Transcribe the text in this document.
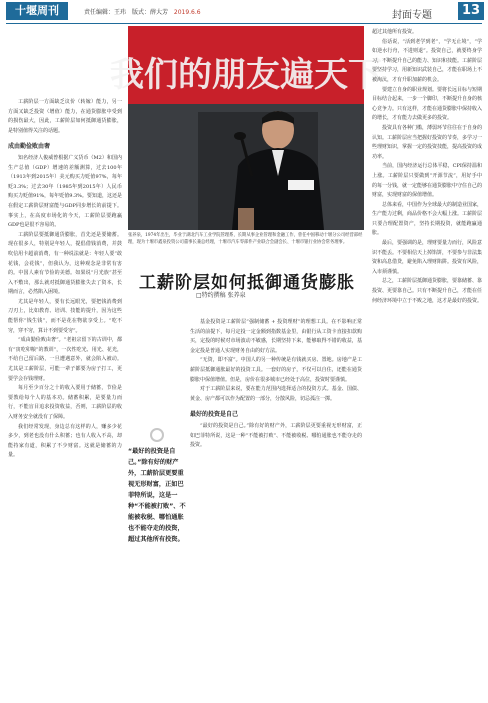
十堰周刊	责任编辑：王玮 版式：薛大芳 2019.6.6	封面专题	13
我们的朋友遍天下
张养泉，1974年出生，毕业于湖北汽车工业学院管理系，长期从事企业管理和金融工作，曾任中国移动十堰分公司经营部经理，现为十堰市鑫泉投资公司董事长兼总经理，十堰市汽车零部件产业联合会副会长、十堰市银行业协会常务理事。

工薪阶层一方面缺乏议价（转嫁）能力，另一方面又缺乏投资（增值）能力，在通货膨胀中受到的损伤最大，因此，工薪阶层如何抵御通货膨胀，是特别值得关注的话题。

成由勤俭败由奢

知名经济人俊威曾根据广义货币（M2）和国内生产总值（GDP）增速的差额测算，过去100年（1913年到2015年）美元购买力贬值97%，每年贬3.3%；过去30年（1985年到2015年）人民币购买力贬值91%，每年贬值9.3%。要知道，这还是在假定工薪阶层财富能与GDP同步增长的前提下。事实上，在高度市场化的今天，工薪阶层要跑赢GDP也是很不容易的。

工薪阶层要抵御通货膨胀，首先还是要储蓄。现在很多人，特别是年轻人，提倡借钱消费，并鼓吹信用卡超前消费，有一种说法就是：年轻人要“敢花钱，会花钱”，但我认为，这种观念是非常有害的。中国人素有节俭的美德。如果说“月光族”甚至入不敷出，那么就对抵御通货膨胀失去了资本，长期而言，必然陷入困境。

尤其是年轻人，要有长远眼光，要把钱消费到刀刃上，比如教育、培训、技能的提升，因为这些能帮你“钱生钱”，而不是花在物欲享受上。“吃不穷，穿不穷，算计不到要受穷”。

“成由勤俭败由奢”。“老祖宗留下的古训中，都有“寅吃卯粮”的教训”，一次性吃光、用光、花光，不给自己留后路，一旦遭遇意外，就会陷入被动。尤其是工薪阶层，可能一辈子都要为房子打工，更要学会存钱理财。

每月至少百分之十的收入要用于储蓄，节俭是要教给每个人的基本功。储蓄积累，是要量力而行，不能盲目追求投资收益，否则，工薪阶层的收入财务安全就没有了保障。

我们经常发现，身边总有这样的人，赚多少花多少，到老也没有什么积蓄；也有人收入不高，却能持家有道，积累了不少财富。这就是储蓄的力量。

工薪阶层如何抵御通货膨胀
□特约撰稿 张养泉
“最好的投资是自己。”除有好的财产外，工薪阶层更要重视无形财富，正如巴菲特所说，这是一种“不能被打败”、不能被收税、哪怕通胀也不能夺走的投资，超过其他所有投资。

基金投资是工薪阶层“强制储蓄 + 投资理财”的理想工具。在不影响正常生活的前提下，每月定投一定金额到指数基金里，由银行从工资卡直接扣款购买，定投的时候对市场波动不敏感，长期坚持下来，能够取得不错的收益，基金定投是普通人实现财务自由的好方法。

“无资，即不富”。中国人的另一种传统是有钱就买房、置地。房地产是工薪阶层抵御通胀最好的投资工具。一套好的房子，不仅可以自住，还能在通货膨胀中保值增值。但是，房价在很多城市已经处于高位，投资时要谨慎。

对于工薪阶层来说，要在能力范围内选择适合的投资方式。基金、国债、黄金、房产都可以作为配置的一部分，分散风险，切忌孤注一掷。

最好的投资是自己

“最好的投资是自己。”除有好的财产外，工薪阶层更要重视无形财富，正如巴菲特所说，这是一种“不能被打败”、不能被收税、哪怕通胀也不能夺走的投资。

超过其他所有投资。

俗话说，“活到老学到老”，“学无止境”，“学如逆水行舟，不进则退”。投资自己，就要终身学习，不断提升自己的能力、知识和技能。工薪阶层要坚持学习，用新知识武装自己，才能在职场上不被淘汰，才有升职加薪的机会。

要建立自身的职业规划。要将长远目标与短期目标结合起来，一步一个脚印，不断提升自身的核心竞争力。只有这样，才能在通货膨胀中保持收入的增长，才有能力去做更多的投资。

投资具有各种门槛，薄弱环节往往在于自身的认知。工薪阶层应当把握好投资的节奏，多学习一些理财知识，掌握一定的投资技能，提高投资的成功率。

当前，国内经济运行总体平稳，CPI保持温和上涨。工薪阶层只要做到“开源节流”，用好手中的每一分钱，就一定能够在通货膨胀中守住自己的财富，实现财富的保值增值。

总体来看，中国作为全球最大的制造业国家，生产能力过剩，商品价格不会大幅上涨。工薪阶层只要合理配置资产，坚持长期投资，就能跑赢通胀。

最后，要强调的是，理财要量力而行，风险意识不能丢。不要相信天上掉馅饼，不要参与非法集资和高息借贷，避免陷入理财陷阱。投资有风险，入市须谨慎。

总之，工薪阶层抵御通货膨胀，要靠储蓄、靠投资、更要靠自己。只有不断提升自己，才能在任何经济环境中立于不败之地，这才是最好的投资。
